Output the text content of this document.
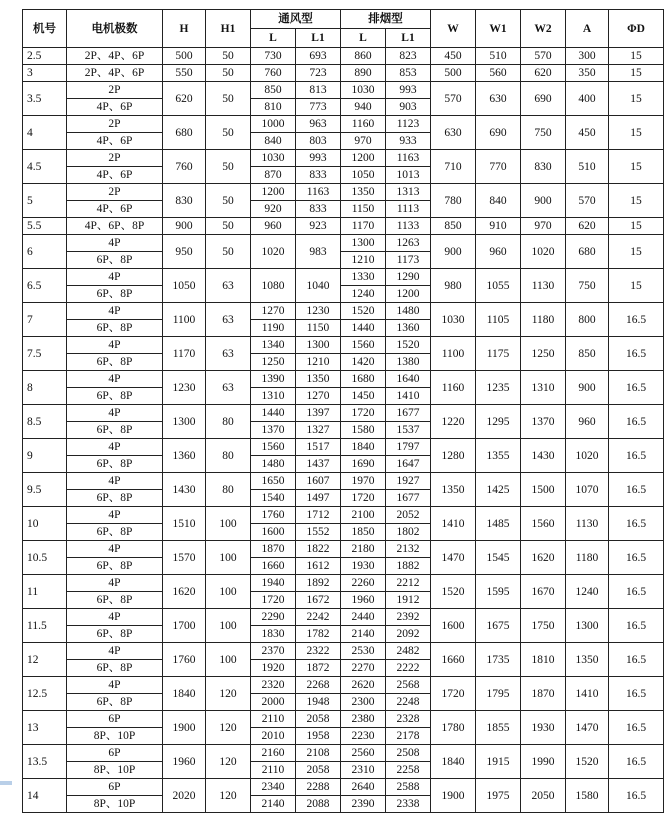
机号	电机极数	H	H1	通风型		排烟型		W	W1	W2	A	ΦD
				L	L1	L	L1					
2.5	2P、4P、6P	500	50	730	693	860	823	450	510	570	300	15
3	2P、4P、6P	550	50	760	723	890	853	500	560	620	350	15
3.5	2P	620	50	850	813	1030	993	570	630	690	400	15
	4P、6P			810	773	940	903					
4	2P	680	50	1000	963	1160	1123	630	690	750	450	15
	4P、6P			840	803	970	933					
4.5	2P	760	50	1030	993	1200	1163	710	770	830	510	15
	4P、6P			870	833	1050	1013					
5	2P	830	50	1200	1163	1350	1313	780	840	900	570	15
	4P、6P			920	833	1150	1113					
5.5	4P、6P、8P	900	50	960	923	1170	1133	850	910	970	620	15
6	4P	950	50	1020	983	1300	1263	900	960	1020	680	15
	6P、8P					1210	1173					
6.5	4P	1050	63	1080	1040	1330	1290	980	1055	1130	750	15
	6P、8P					1240	1200					
7	4P	1100	63	1270	1230	1520	1480	1030	1105	1180	800	16.5
	6P、8P			1190	1150	1440	1360					
7.5	4P	1170	63	1340	1300	1560	1520	1100	1175	1250	850	16.5
	6P、8P			1250	1210	1420	1380					
8	4P	1230	63	1390	1350	1680	1640	1160	1235	1310	900	16.5
	6P、8P			1310	1270	1450	1410					
8.5	4P	1300	80	1440	1397	1720	1677	1220	1295	1370	960	16.5
	6P、8P			1370	1327	1580	1537					
9	4P	1360	80	1560	1517	1840	1797	1280	1355	1430	1020	16.5
	6P、8P			1480	1437	1690	1647					
9.5	4P	1430	80	1650	1607	1970	1927	1350	1425	1500	1070	16.5
	6P、8P			1540	1497	1720	1677					
10	4P	1510	100	1760	1712	2100	2052	1410	1485	1560	1130	16.5
	6P、8P			1600	1552	1850	1802					
10.5	4P	1570	100	1870	1822	2180	2132	1470	1545	1620	1180	16.5
	6P、8P			1660	1612	1930	1882					
11	4P	1620	100	1940	1892	2260	2212	1520	1595	1670	1240	16.5
	6P、8P			1720	1672	1960	1912					
11.5	4P	1700	100	2290	2242	2440	2392	1600	1675	1750	1300	16.5
	6P、8P			1830	1782	2140	2092					
12	4P	1760	100	2370	2322	2530	2482	1660	1735	1810	1350	16.5
	6P、8P			1920	1872	2270	2222					
12.5	4P	1840	120	2320	2268	2620	2568	1720	1795	1870	1410	16.5
	6P、8P			2000	1948	2300	2248					
13	6P	1900	120	2110	2058	2380	2328	1780	1855	1930	1470	16.5
	8P、10P			2010	1958	2230	2178					
13.5	6P	1960	120	2160	2108	2560	2508	1840	1915	1990	1520	16.5
	8P、10P			2110	2058	2310	2258					
14	6P	2020	120	2340	2288	2640	2588	1900	1975	2050	1580	16.5
	8P、10P			2140	2088	2390	2338					
